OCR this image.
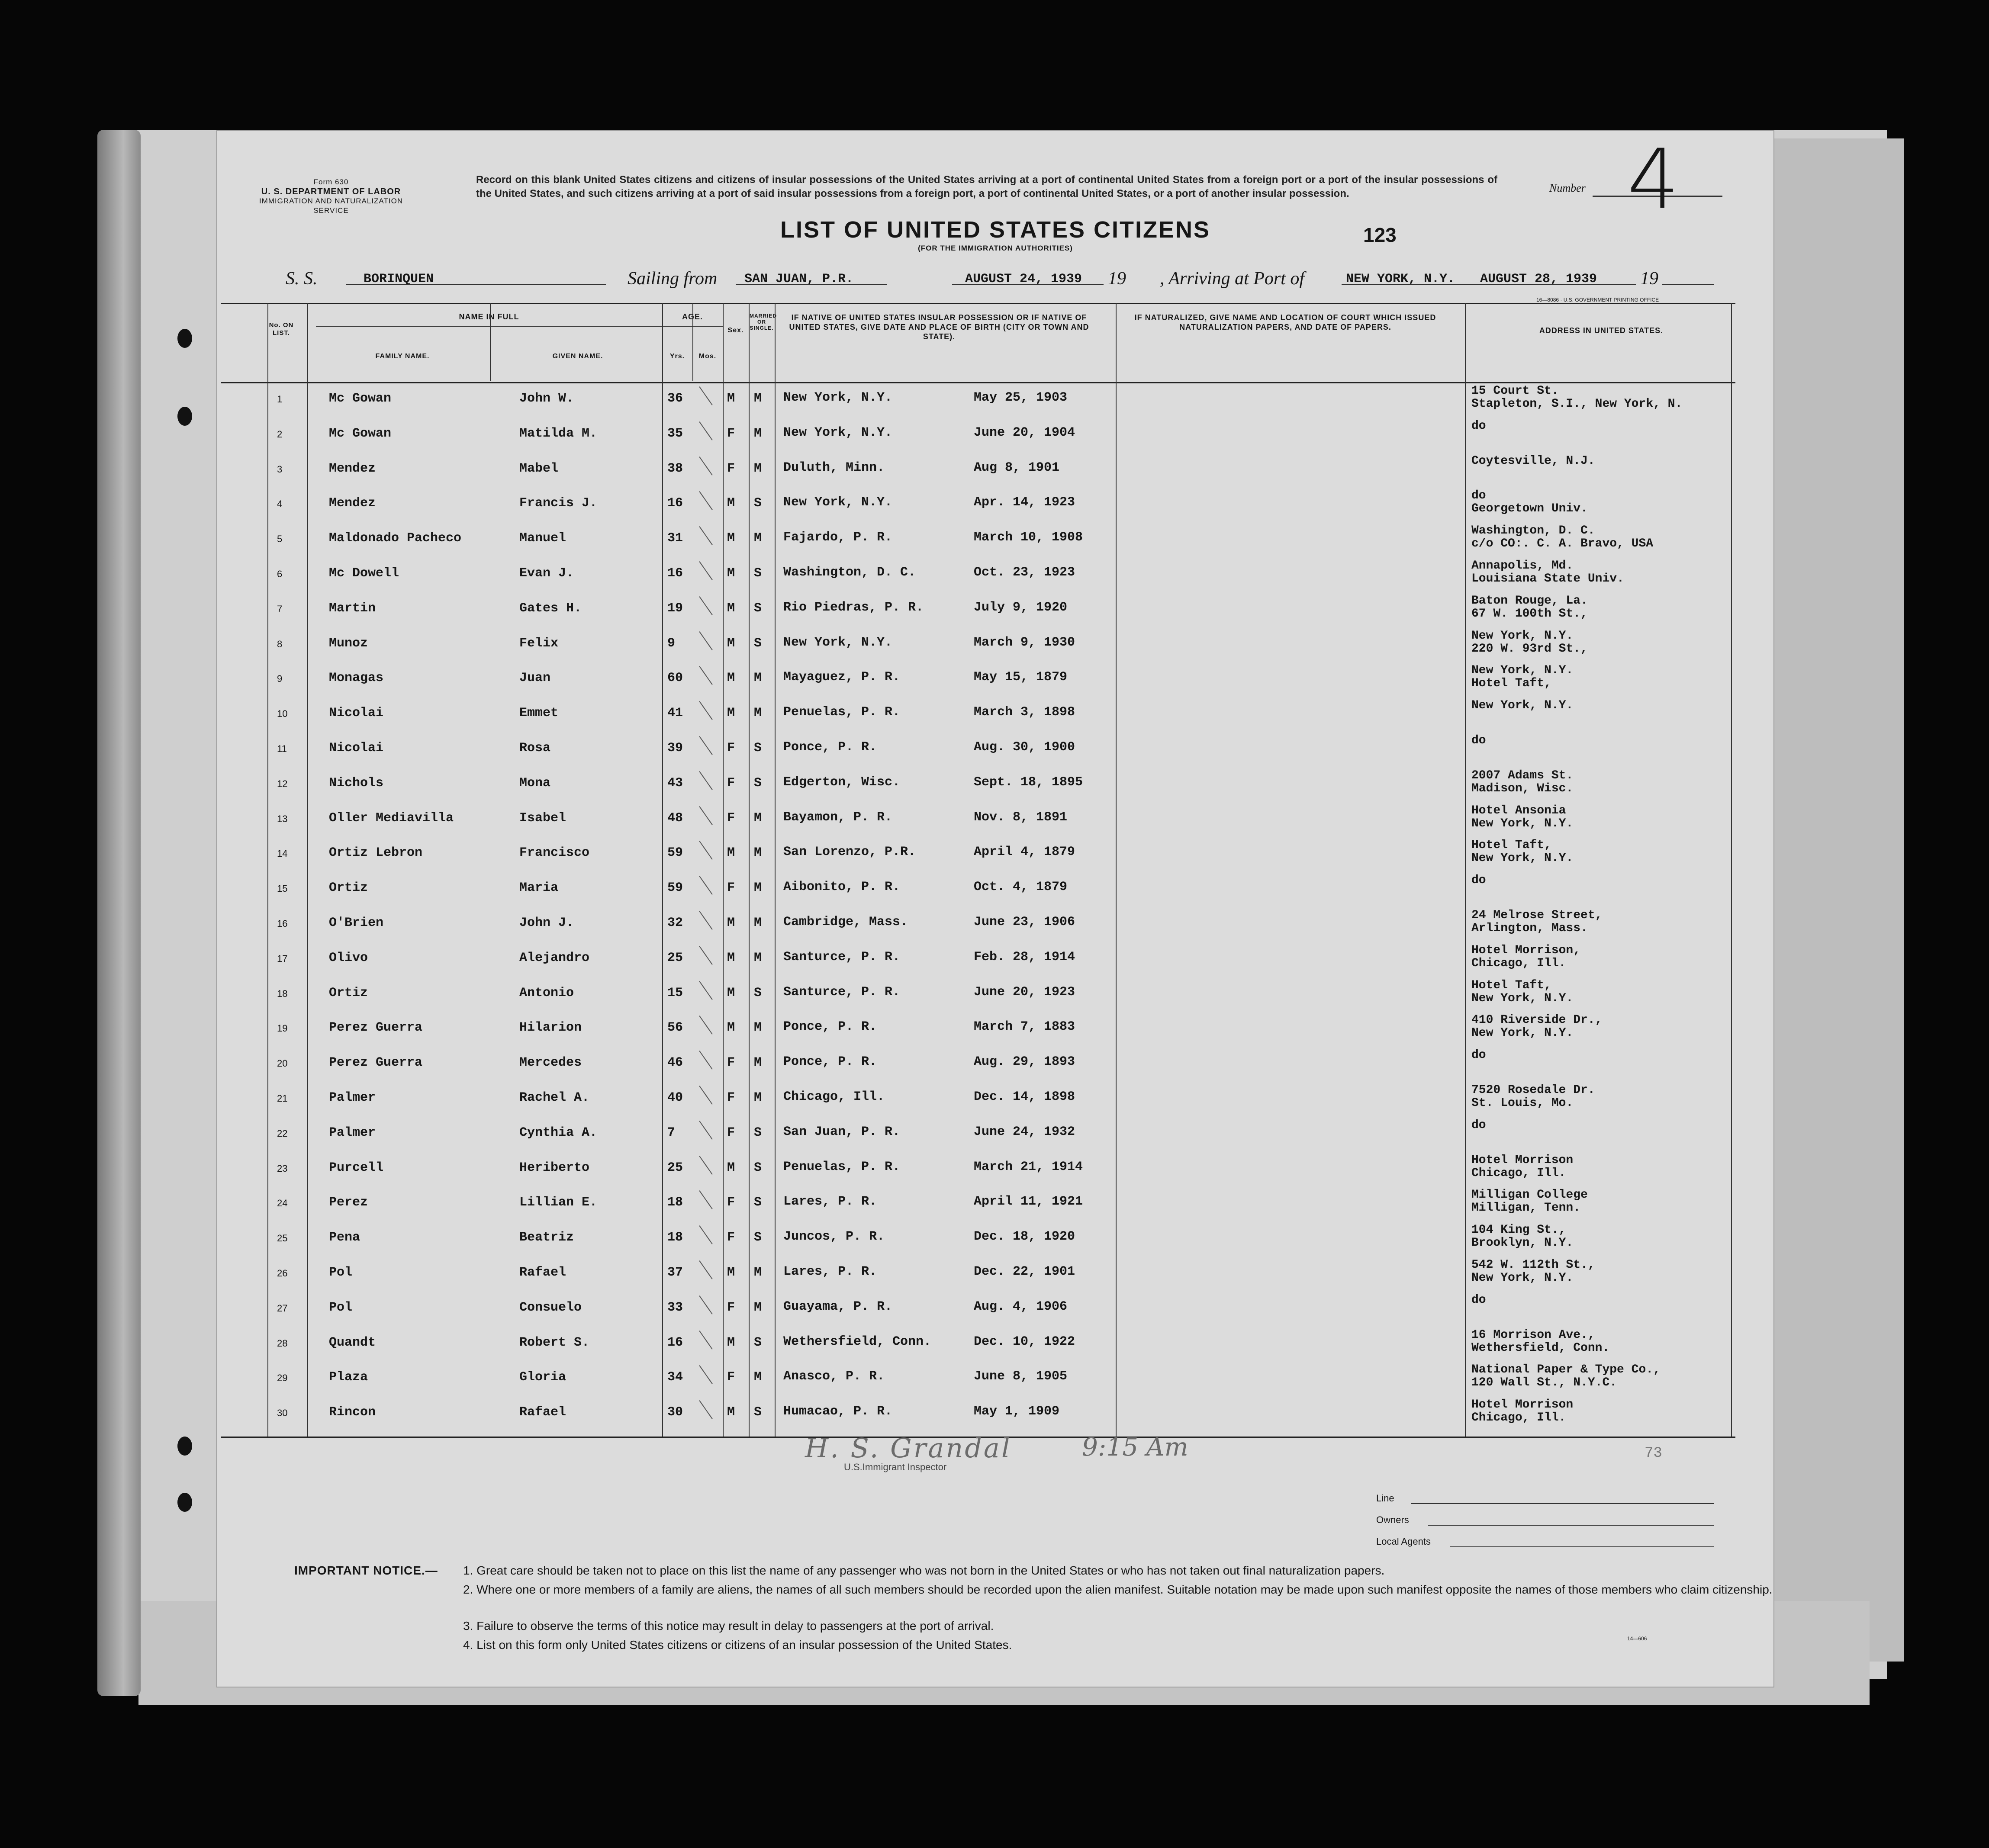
Form 630
U. S. DEPARTMENT OF LABOR
IMMIGRATION AND NATURALIZATION SERVICE
Record on this blank United States citizens and citizens of insular possessions of the United States arriving at a port of continental United States from a foreign port or a port of the insular possessions of the United States, and such citizens arriving at a port of said insular possessions from a foreign port, a port of continental United States, or a port of another insular possession.	Number 4
LIST OF UNITED STATES CITIZENS
(FOR THE IMMIGRATION AUTHORITIES)
123
S. S.	BORINQUEN	Sailing from SAN JUAN, P.R.	AUGUST 24, 1939 19 , Arriving at Port of	NEW YORK, N.Y. AUGUST 28, 1939 19
16—8086 · U.S. GOVERNMENT PRINTING OFFICE
No. ON LIST.
NAME IN FULL
FAMILY NAME.	GIVEN NAME.
AGE.
Yrs.	Mos.
Sex.
MARRIED OR SINGLE.
IF NATIVE OF UNITED STATES INSULAR POSSESSION OR IF NATIVE OF UNITED STATES, GIVE DATE AND PLACE OF BIRTH (CITY OR TOWN AND STATE).
IF NATURALIZED, GIVE NAME AND LOCATION OF COURT WHICH ISSUED NATURALIZATION PAPERS, AND DATE OF PAPERS.	ADDRESS IN UNITED STATES.
1	Mc Gowan	John W.	36	M M New York, N.Y.	May 25, 1903	15 Court St.
Stapleton, S.I., New York, N.
2	Mc Gowan	Matilda M.	35	F M New York, N.Y.	June 20, 1904	do
3	Mendez	Mabel	38	F M Duluth, Minn.	Aug 8, 1901	Coytesville, N.J.
4	Mendez	Francis J.	16	M S New York, N.Y.	Apr. 14, 1923	do
Georgetown Univ.
5	Maldonado Pacheco	Manuel	31	M M Fajardo, P. R.	March 10, 1908	Washington, D. C.
c/o CO:. C. A. Bravo, USA
6	Mc Dowell	Evan J.	16	M S Washington, D. C.	Oct. 23, 1923	Annapolis, Md.
Louisiana State Univ.
7	Martin	Gates H.	19	M S Rio Piedras, P. R.	July 9, 1920	Baton Rouge, La.
67 W. 100th St.,
8	Munoz	Felix	9	M S New York, N.Y.	March 9, 1930	New York, N.Y.
220 W. 93rd St.,
9	Monagas	Juan	60	M M Mayaguez, P. R.	May 15, 1879	New York, N.Y.
Hotel Taft,
10	Nicolai	Emmet	41	M M Penuelas, P. R.	March 3, 1898	New York, N.Y.
11	Nicolai	Rosa	39	F S Ponce, P. R.	Aug. 30, 1900	do
12	Nichols	Mona	43	F S Edgerton, Wisc.	Sept. 18, 1895	2007 Adams St.
Madison, Wisc.
13	Oller Mediavilla	Isabel	48	F M Bayamon, P. R.	Nov. 8, 1891	Hotel Ansonia
New York, N.Y.
14	Ortiz Lebron	Francisco	59	M M San Lorenzo, P.R.	April 4, 1879	Hotel Taft,
New York, N.Y.
15	Ortiz	Maria	59	F M Aibonito, P. R.	Oct. 4, 1879	do
16	O'Brien	John J.	32	M M Cambridge, Mass.	June 23, 1906	24 Melrose Street,
Arlington, Mass.
17	Olivo	Alejandro	25	M M Santurce, P. R.	Feb. 28, 1914	Hotel Morrison,
Chicago, Ill.
18	Ortiz	Antonio	15	M S Santurce, P. R.	June 20, 1923	Hotel Taft,
New York, N.Y.
19	Perez Guerra	Hilarion	56	M M Ponce, P. R.	March 7, 1883	410 Riverside Dr.,
New York, N.Y.
20	Perez Guerra	Mercedes	46	F M Ponce, P. R.	Aug. 29, 1893	do
21	Palmer	Rachel A.	40	F M Chicago, Ill.	Dec. 14, 1898	7520 Rosedale Dr.
St. Louis, Mo.
22	Palmer	Cynthia A.	7	F S San Juan, P. R.	June 24, 1932	do
23	Purcell	Heriberto	25	M S Penuelas, P. R.	March 21, 1914	Hotel Morrison
Chicago, Ill.
24	Perez	Lillian E.	18	F S Lares, P. R.	April 11, 1921	Milligan College
Milligan, Tenn.
25	Pena	Beatriz	18	F S Juncos, P. R.	Dec. 18, 1920	104 King St.,
Brooklyn, N.Y.
26	Pol	Rafael	37	M M Lares, P. R.	Dec. 22, 1901	542 W. 112th St.,
New York, N.Y.
27	Pol	Consuelo	33	F M Guayama, P. R.	Aug. 4, 1906	do
28	Quandt	Robert S.	16	M S Wethersfield, Conn.	Dec. 10, 1922	16 Morrison Ave.,
Wethersfield, Conn.
29	Plaza	Gloria	34	F M Anasco, P. R.	June 8, 1905	National Paper & Type Co.,
120 Wall St., N.Y.C.
30	Rincon	Rafael	30	M S Humacao, P. R.	May 1, 1909	Hotel Morrison
Chicago, Ill.
H. S. Grandal	9:15 Am
U.S.Immigrant Inspector
73
Line
Owners
Local Agents
IMPORTANT NOTICE.— 1. Great care should be taken not to place on this list the name of any passenger who was not born in the United States or who has not taken out final naturalization papers.
2. Where one or more members of a family are aliens, the names of all such members should be recorded upon the alien manifest. Suitable notation may be made upon such manifest opposite the names of those members who claim citizenship.
3. Failure to observe the terms of this notice may result in delay to passengers at the port of arrival.
4. List on this form only United States citizens or citizens of an insular possession of the United States.	14—606
